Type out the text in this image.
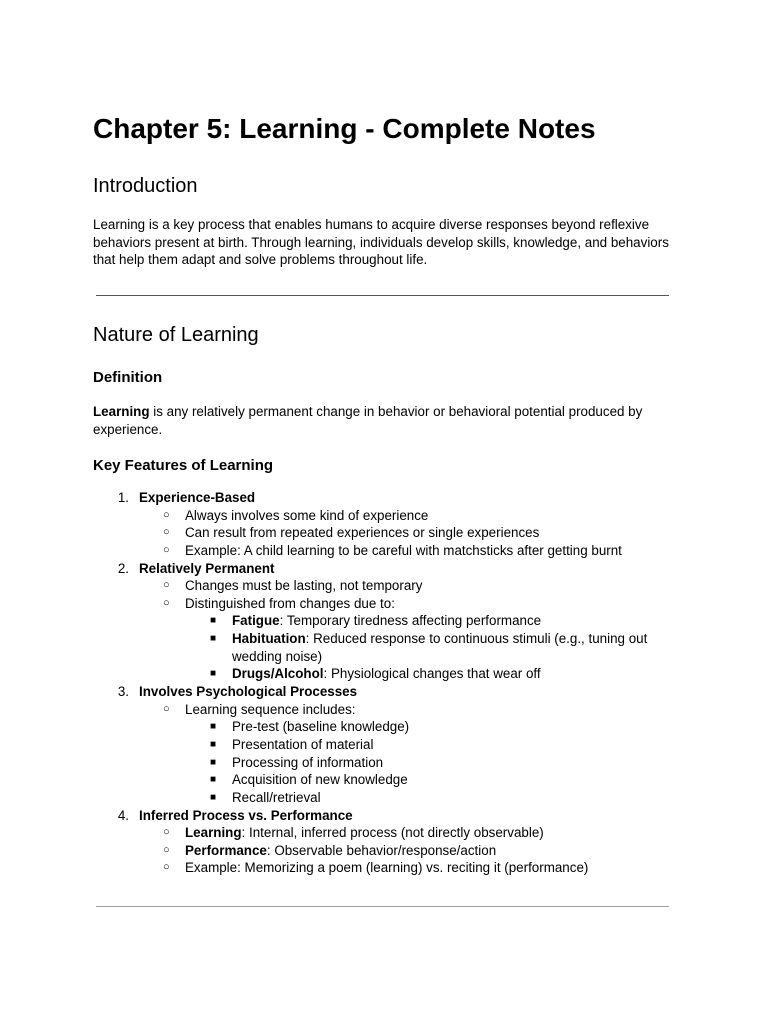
Chapter 5: Learning - Complete Notes
Introduction

Learning is a key process that enables humans to acquire diverse responses beyond reflexive behaviors present at birth. Through learning, individuals develop skills, knowledge, and behaviors that help them adapt and solve problems throughout life.

Nature of Learning
Definition

Learning is any relatively permanent change in behavior or behavioral potential produced by experience.

Key Features of Learning
1. Experience-Based
○ Always involves some kind of experience
○ Can result from repeated experiences or single experiences
○ Example: A child learning to be careful with matchsticks after getting burnt
2. Relatively Permanent
○ Changes must be lasting, not temporary
○ Distinguished from changes due to:
■ Fatigue: Temporary tiredness affecting performance
■ Habituation: Reduced response to continuous stimuli (e.g., tuning out wedding noise)
■ Drugs/Alcohol: Physiological changes that wear off
3. Involves Psychological Processes
○ Learning sequence includes:
■ Pre-test (baseline knowledge)
■ Presentation of material
■ Processing of information
■ Acquisition of new knowledge
■ Recall/retrieval
4. Inferred Process vs. Performance
○ Learning: Internal, inferred process (not directly observable)
○ Performance: Observable behavior/response/action
○ Example: Memorizing a poem (learning) vs. reciting it (performance)
